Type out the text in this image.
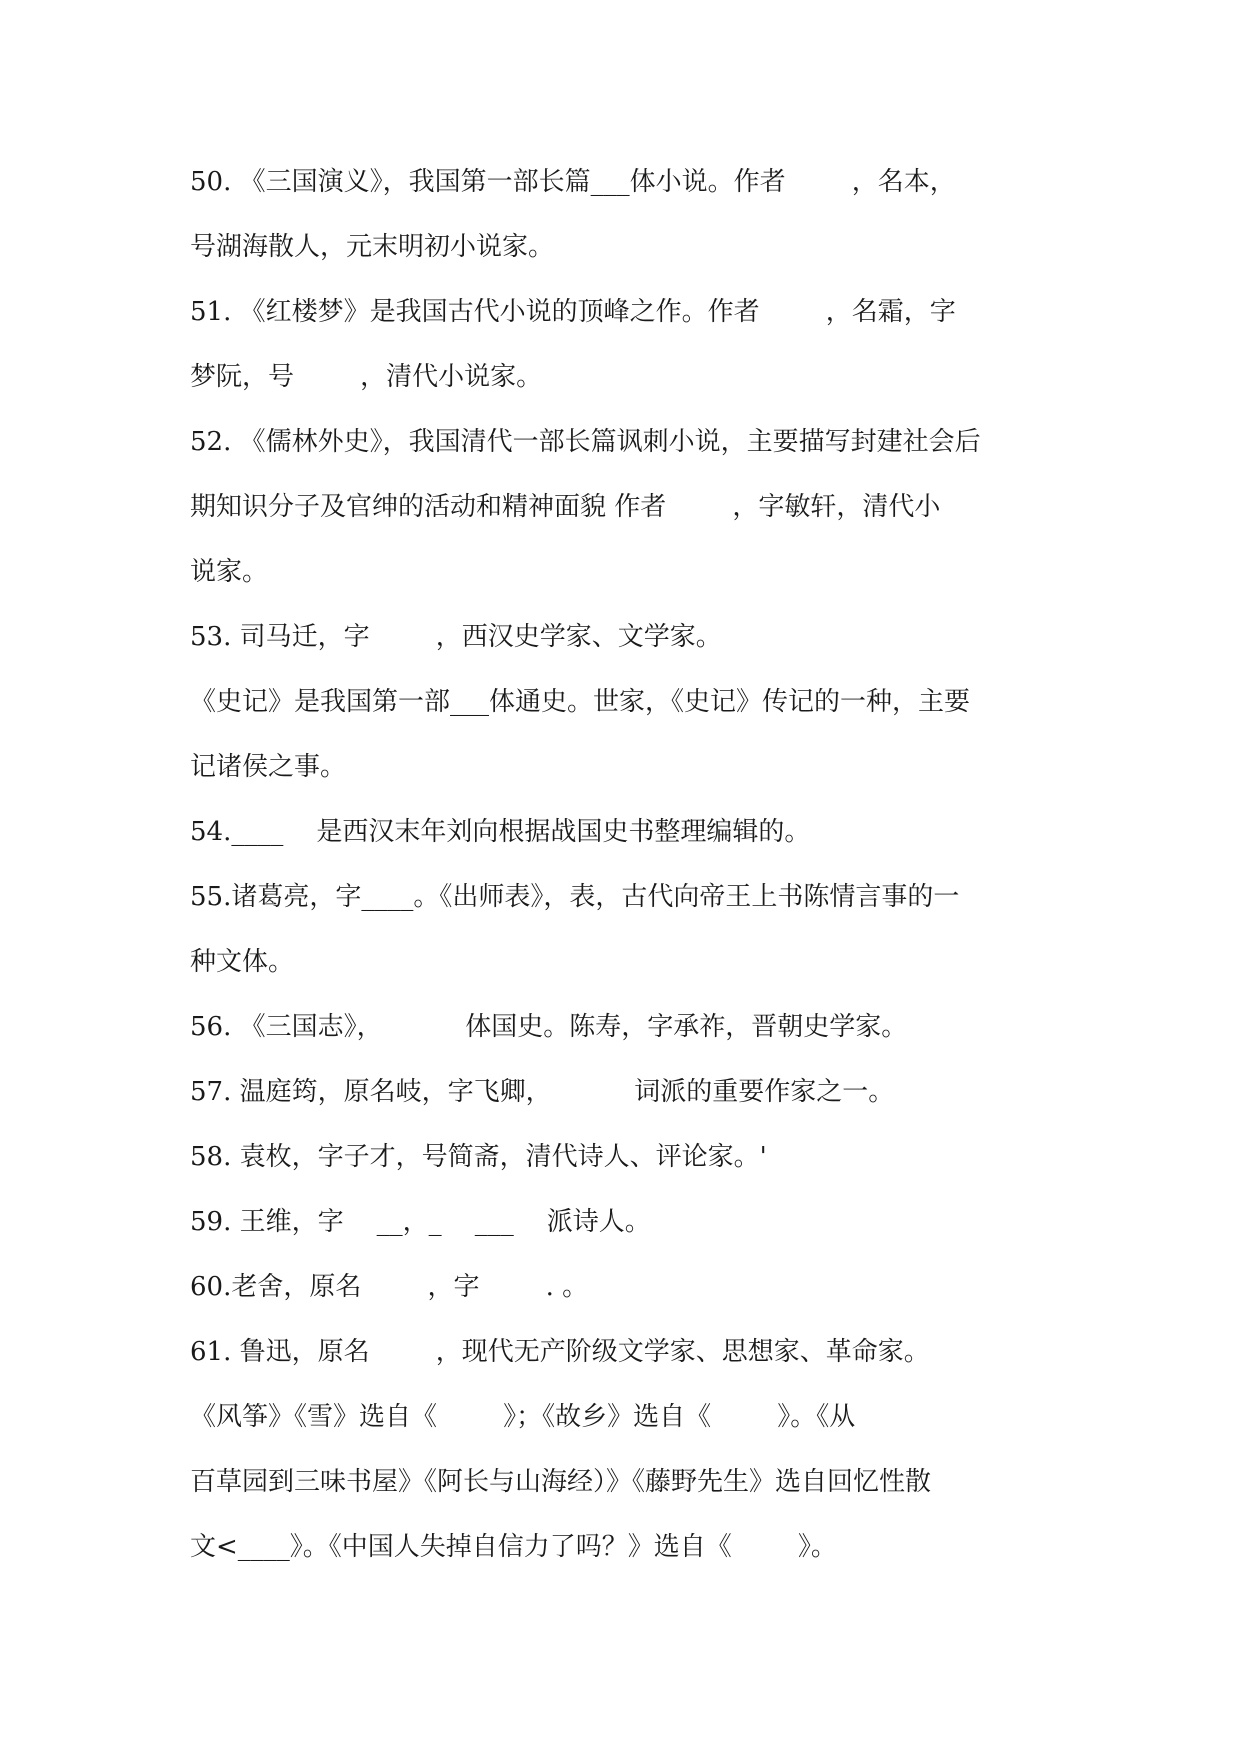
50. 《三国演义》，我国第一部长篇___体小说。作者        ，名本，
号湖海散人，元末明初小说家。
51. 《红楼梦》是我国古代小说的顶峰之作。作者        ，名霜，字
梦阮，号        ，清代小说家。
52. 《儒林外史》，我国清代一部长篇讽刺小说，主要描写封建社会后
期知识分子及官绅的活动和精神面貌 作者        ，字敏轩，清代小
说家。
53. 司马迁，字        ，西汉史学家、文学家。
《史记》是我国第一部___体通史。世家，《史记》传记的一种，主要
记诸侯之事。
54.____    是西汉末年刘向根据战国史书整理编辑的。
55.诸葛亮，字____。《出师表》，表，古代向帝王上书陈情言事的一
种文体。
56. 《三国志》，          体国史。陈寿，字承祚，晋朝史学家。
57. 温庭筠，原名岐，字飞卿，          词派的重要作家之一。
58. 袁枚，字子才，号简斋，清代诗人、评论家。'
59. 王维，字    __，_    ___    派诗人。
60.老舍，原名        ，字        . 。
61. 鲁迅，原名        ，现代无产阶级文学家、思想家、革命家。
《风筝》《雪》选自《        》；《故乡》选自《        》。《从
百草园到三味书屋》《阿长与山海经）》《藤野先生》选自回忆性散
文<____》。《中国人失掉自信力了吗？》选自《        》。
